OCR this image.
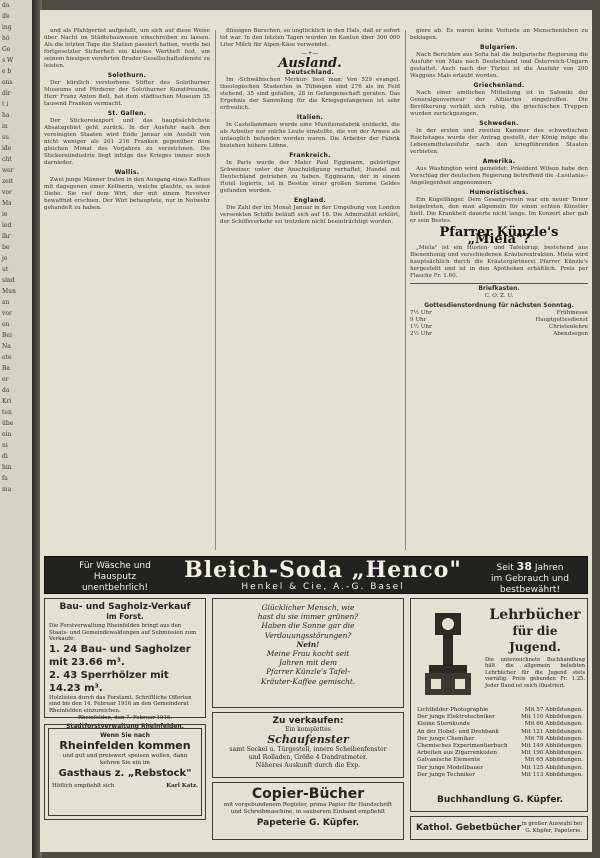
da
ife
ing
hö
Ge
s W
e b
ens
dir
t i
ha
in
su
ide
cht
wer
zeit
vor
Ma
ie
ied
ihr
be
je
ut
sind
Mun
an
vor
en
Bei
Na
ete
Ba
er
da
Kri
ten
übe
ein
ni
di
hin
fa
ma

und als Pfahlgerüst aufgefaßt, um sich auf diese Weise über Nacht im Städtebauwesen einschreiben zu lassen. Als die letzten Tage die Station passiert hatten, wurde bei fortgesetzter Sicherheit ein kleines Wertheft fest, um seinem hiesigen verehrten Bruder Gesellschaftsdienste zu leisten.

Solothurn.

Der kürzlich verstorbene Stifter des Solothurner Museums und Förderer der Solothurner Kunstfreunde, Herr Franz Anton Belt, hat dem städtischen Museum 35 tausend Franken vermacht.

St. Gallen.

Der Stickereiexport und das hauptsächlichste Absatzgebiet geht zurück. In der Ausfuhr nach den vereinigten Staaten wird Ende Januar ein Ausfall von nicht weniger als 201 216 Franken gegenüber dem gleichen Monat des Vorjahres zu verzeichnen. Die Stickereiindustrie liegt infolge des Krieges immer noch darnieder.

Wallis.

Zwei junge Männer traten in den Ausgang eines Kaffees mit dagegenen einer Kellnerin, welche glaubte, es seien Diebe. Sie rief dem Wirt, der mit einem Revolver bewaffnet erschien. Der Wirt behauptete, nur in Notwehr gehandelt zu haben.

flüssigen Burschen, so unglücklich in den Hals, daß er sofort tot war. In den letzten Tagen wurden im Kanton über 300 000 Liter Milch für Alpen-Käse verwendet.

—+—
Ausland.
Deutschland.

Im ›Schwäbischen Merkur‹ liest man: Von 529 evangel. theologischen Studenten in Tübingen sind 276 als im Feld stehend, 35 sind gefallen, 28 in Gefangenschaft geraten. Das Ergebnis der Sammlung für die Kriegsgefangenen ist sehr erfreulich.

Italien.

In Castellammare wurde eine Munitionsfabrik entdeckt, die als Arbeiter nur solche Leute einstellte, die von der Armee als untauglich befunden worden waren. Die Arbeiter der Fabrik beziehen höhere Löhne.

Frankreich.

In Paris wurde der Maler Paul Eggimann, gebürtiger Schweizer, unter der Anschuldigung verhaftet, Handel mit Deutschland getrieben zu haben. Eggimann, der in einem Hotel logierte, ist in Besitze einer großen Summe Geldes gefunden worden.

England.

Die Zahl der im Monat Januar in der Umgebung von London versenkten Schiffe beläuft sich auf 16. Die Admiralität erklärt, der Schiffsverkehr sei trotzdem nicht beeinträchtigt worden.

giere ab. Es waren keine Verluste an Menschenleben zu beklagen.

Bulgarien.

Nach Berichten aus Sofia hat die bulgarische Regierung die Ausfuhr von Mais nach Deutschland und Österreich-Ungarn gestattet. Auch nach der Türkei ist die Ausfuhr von 200 Waggons Mais erlaubt worden.

Griechenland.

Nach einer amtlichen Mitteilung ist in Saloniki der Generalgouverneur der Alliierten eingetroffen. Die Bevölkerung verhält sich ruhig, die griechischen Truppen wurden zurückgezogen.

Schweden.

In der ersten und zweiten Kammer des schwedischen Reichstages wurde der Antrag gestellt, der König möge die Lebensmittelausfuhr nach den kriegführenden Staaten verbieten.

Amerika.

Aus Washington wird gemeldet: Präsident Wilson habe den Vorschlag der deutschen Regierung betreffend die ›Lusitania‹-Angelegenheit angenommen.

Humoristisches.

Ein Kugelfänger. Dem Gesangverein war ein neuer Tenor beigetreten, den man allgemein für einen echten Künstler hielt. Die Krankheit dauerte nicht lange. Im Konzert aber gab er sein Bestes.

Pfarrer Künzle's „Miela"?

„Miela" ist ein Husten- und Tafelsirup, bestehend aus Bienenhonig und verschiedenen Kräuterextrakten. Miela wird hauptsächlich durch die Kräutergärtnerei Pfarrer Künzle's hergestellt und ist in den Apotheken erhältlich. Preis per Flasche Fr. 1.60.

Briefkasten.
C. O. Z. U.
Gottesdienstordnung für nächsten Sonntag.
7½ Uhr	Frühmesse
9 Uhr	Hauptgottesdienst
1½ Uhr	Christenlehre
2½ Uhr	Abendsegen
Für Wäsche und
Hausputz
unentbehrlich!
Bleich-Soda „Henco"
Henkel & Cie, A.-G. Basel
Seit 38 Jahren
im Gebrauch und
bestbewährt!
Bau- und Sagholz-Verkauf
im Forst.
Die Forstverwaltung Rheinfelden bringt aus den Staats- und Gemeindewaldungen auf Submission zum Verkaufe:
1. 24 Bau- und Sagholzer mit 23.66 m³.
2. 43 Sperrhölzer mit 14.23 m³.
Holzlisten durch das Forstamt. Schriftliche Offerten sind bis den 14. Februar 1916 an den Gemeinderat Rheinfelden einzureichen.
Rheinfelden, den 7. Februar 1916.
Stadtforstverwaltung Rheinfelden.
Wenn Sie nach
Rheinfelden kommen
und gut und preiswert speisen wollen, dann kehren Sie ein im
Gasthaus z. „Rebstock"
Höflich empfiehlt sich	Karl Katz.
Glücklicher Mensch, wie
hast du sie immer grünen?
Haben die Sonne gar die
Verdauungsstörungen?
Nein!
Meine Frau kocht seit
Jahren mit dem
Pfarrer Künzle's Tafel-
Kräuter-Kaffee gemischt.
Zu verkaufen:
Ein komplettes
Schaufenster
samt Sockel u. Türgestell, innere Scheibenfenster
und Rolladen, Größe 4 Dandratmeter.
Näheres Auskunft durch die Exp.
Copier-Bücher
mit vorgebundenem Register, prima Papier für Handschrift und Schreibmaschine, in sauberem Einband empfiehlt
Papeterie G. Küpfer.
Lehrbücher
für die Jugend.
Die unterzeichnete Buchhandlung hält die allgemein beliebten Lehrbücher für die Jugend stets vorrätig. Preis gebunden Fr. 1.25. Jeder Band ist reich illustriert.
Lichtbilder-Photographie	Mit 57 Abbildungen.
Der junge Elektrotechniker	Mit 110 Abbildungen.
Kleine Sternkunde	Mit 66 Abbildungen.
An der Hobel- und Drehbank	Mit 121 Abbildungen.
Der junge Chemiker	Mit 78 Abbildungen.
Chemisches Experimentierbuch Mit 149 Abbildungen.
Arbeiten aus Zigarrenkisten	Mit 190 Abbildungen.
Galvanische Elemente	Mit 65 Abbildungen.
Der junge Modellbauer	Mit 125 Abbildungen.
Der junge Techniker	Mit 113 Abbildungen.
Buchhandlung G. Küpfer.
Kathol. Gebetbücher in großer Auswahl bei
G. Küpfer, Papeterie.
